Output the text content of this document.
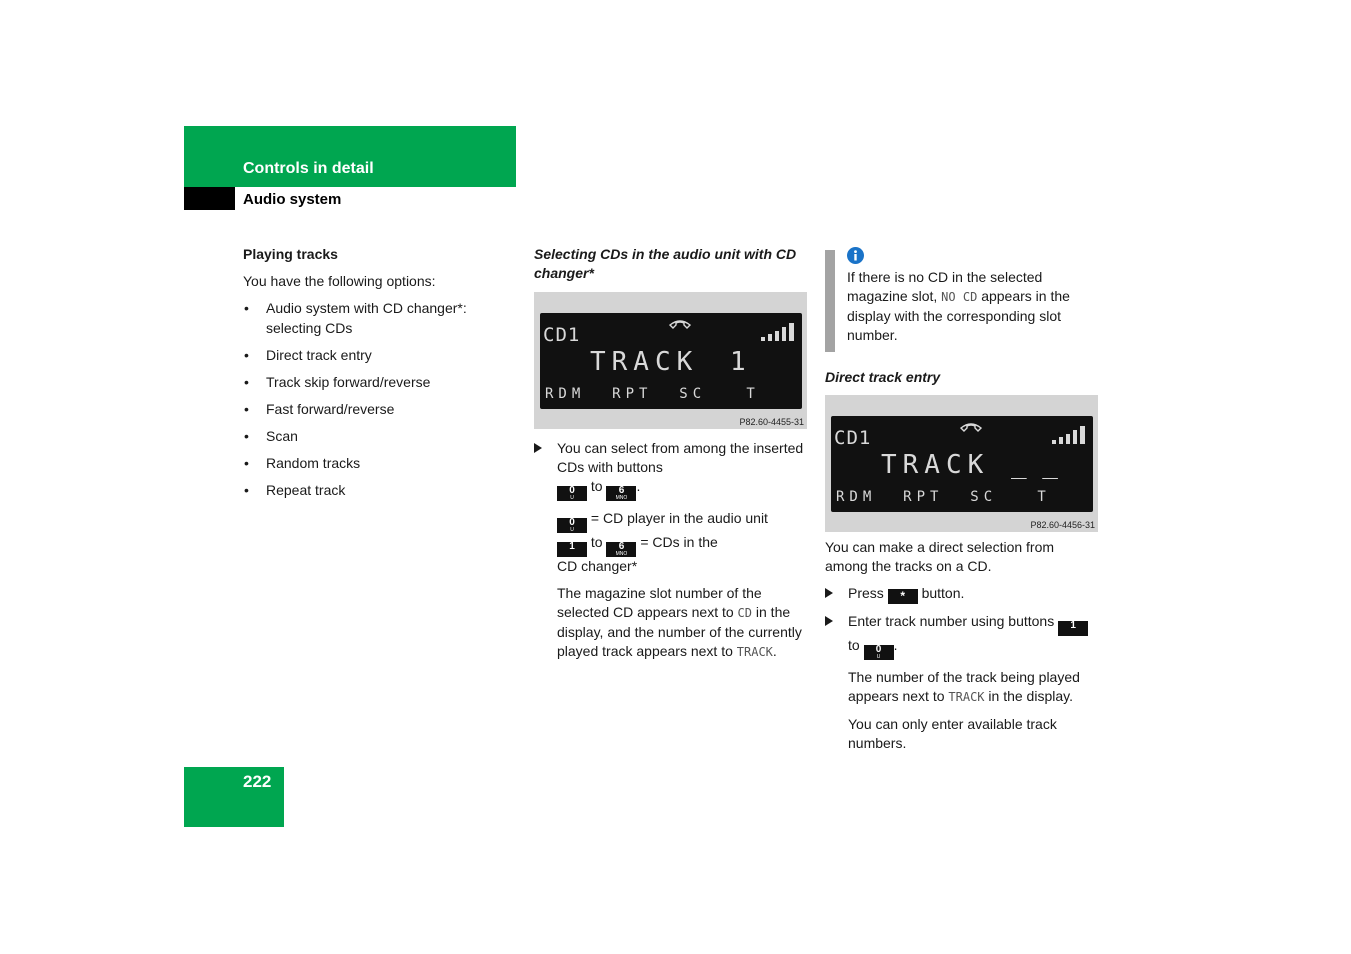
Controls in detail
Audio system
Playing tracks
You have the following options:
• Audio system with CD changer*: selecting CDs
• Direct track entry
• Track skip forward/reverse
• Fast forward/reverse
• Scan
• Random tracks
• Repeat track
Selecting CDs in the audio unit with CD changer*
CD1
TRACK 1
RDM  RPT  SC   T
P82.60-4455-31
You can select from among the inserted CDs with buttons
0
U
to 6
MNO
.
0
U
= CD player in the audio unit
1 to 6
MNO
= CDs in the
CD changer*
The magazine slot number of the selected CD appears next to CD in the display, and the number of the currently played track appears next to TRACK.
If there is no CD in the selected magazine slot, NO CD appears in the display with the corresponding slot number.
Direct track entry
CD1
TRACK _ _
RDM  RPT  SC   T
P82.60-4456-31
You can make a direct selection from among the tracks on a CD.
Press * button.
Enter track number using buttons 1
to 0
U
.
The number of the track being played appears next to TRACK in the display.
You can only enter available track numbers.
222
